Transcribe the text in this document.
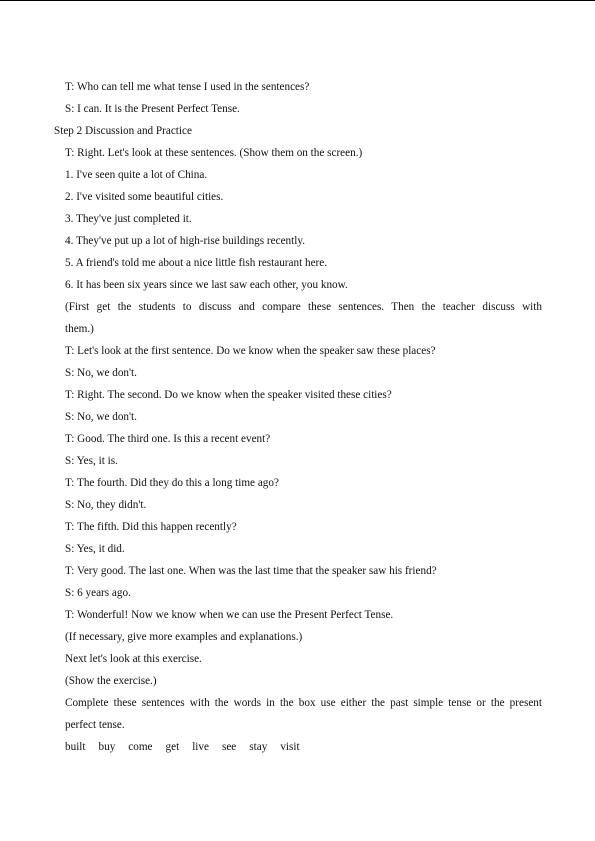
T: Who can tell me what tense I used in the sentences?
S: I can. It is the Present Perfect Tense.
Step 2 Discussion and Practice
T: Right. Let's look at these sentences. (Show them on the screen.)
1. I've seen quite a lot of China.
2. I've visited some beautiful cities.
3. They've just completed it.
4. They've put up a lot of high-rise buildings recently.
5. A friend's told me about a nice little fish restaurant here.
6. It has been six years since we last saw each other, you know.
(First get the students to discuss and compare these sentences. Then the teacher discuss with
them.)
T: Let's look at the first sentence. Do we know when the speaker saw these places?
S: No, we don't.
T: Right. The second. Do we know when the speaker visited these cities?
S: No, we don't.
T: Good. The third one. Is this a recent event?
S: Yes, it is.
T: The fourth. Did they do this a long time ago?
S: No, they didn't.
T: The fifth. Did this happen recently?
S: Yes, it did.
T: Very good. The last one. When was the last time that the speaker saw his friend?
S: 6 years ago.
T: Wonderful! Now we know when we can use the Present Perfect Tense.
(If necessary, give more examples and explanations.)
Next let's look at this exercise.
(Show the exercise.)
Complete these sentences with the words in the box use either the past simple tense or the present
perfect tense.
built buy come get live see stay visit
